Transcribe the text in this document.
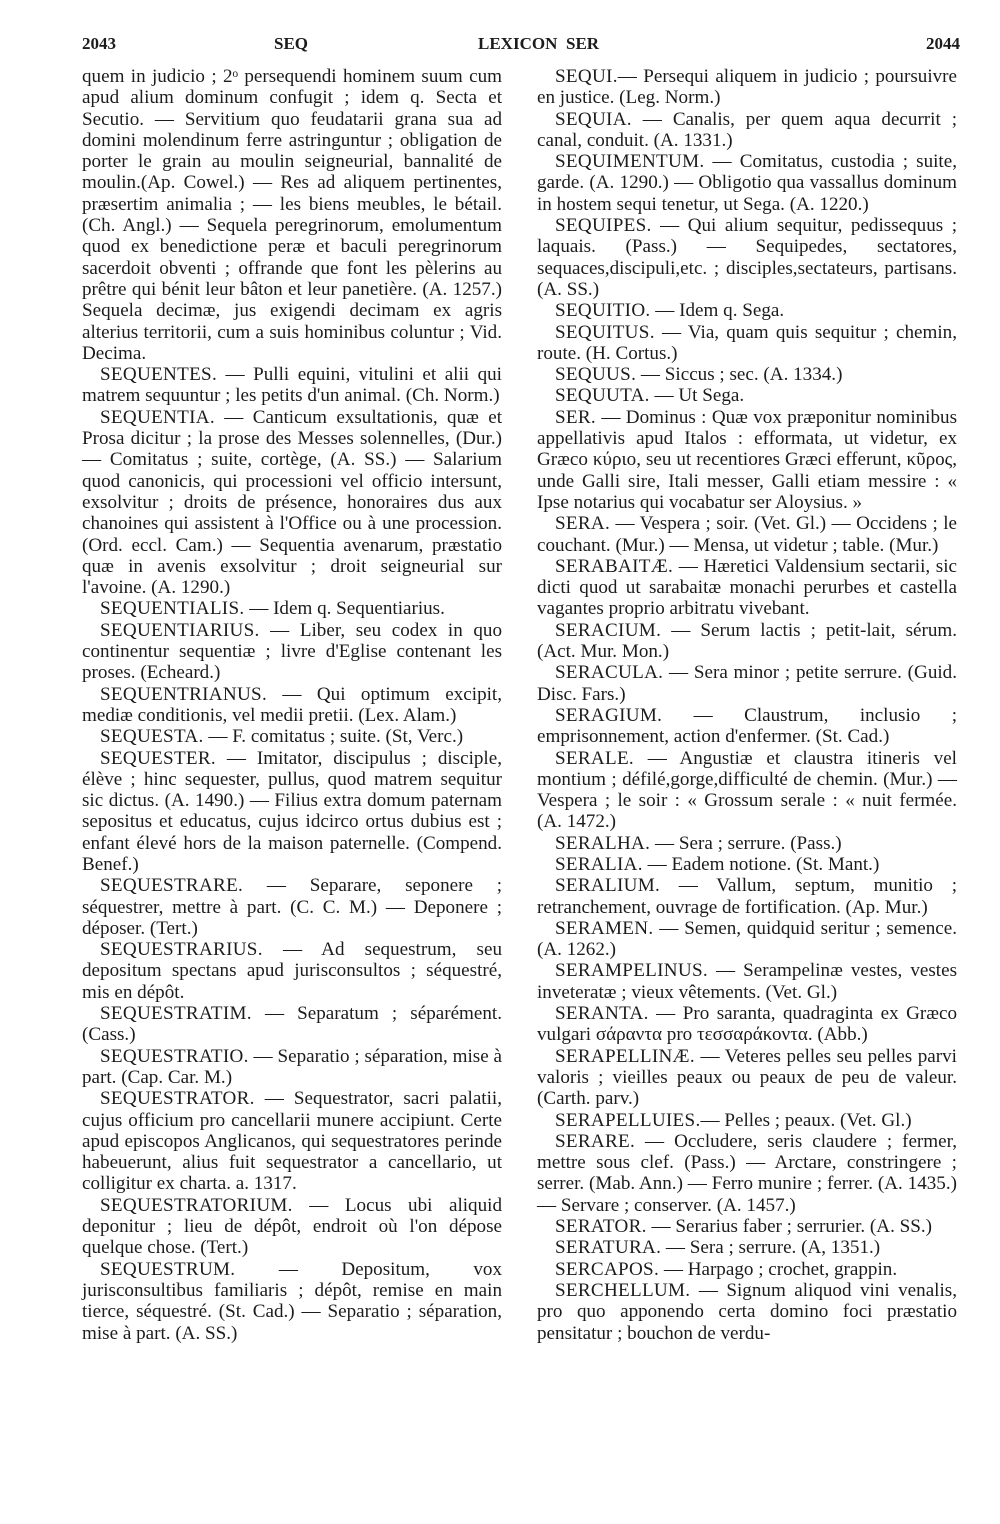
2043	SEQ	LEXICON SER	2044

quem in judicio ; 2ᵒ persequendi hominem suum cum apud alium dominum confugit ; idem q. Secta et Secutio. — Servitium quo feudatarii grana sua ad domini molendinum ferre astringuntur ; obligation de porter le grain au moulin seigneurial, bannalité de moulin.(Ap. Cowel.) — Res ad aliquem pertinentes, præsertim animalia ; — les biens meubles, le bétail. (Ch. Angl.) — Sequela peregrinorum, emolumentum quod ex benedictione peræ et baculi peregrinorum sacerdoit obventi ; offrande que font les pèlerins au prêtre qui bénit leur bâton et leur panetière. (A. 1257.) Sequela decimæ, jus exigendi decimam ex agris alterius territorii, cum a suis hominibus coluntur ; Vid. Decima.

SEQUENTES. — Pulli equini, vitulini et alii qui matrem sequuntur ; les petits d'un animal. (Ch. Norm.)

SEQUENTIA. — Canticum exsultationis, quæ et Prosa dicitur ; la prose des Messes solennelles, (Dur.) — Comitatus ; suite, cortège, (A. SS.) — Salarium quod canonicis, qui processioni vel officio intersunt, exsolvitur ; droits de présence, honoraires dus aux chanoines qui assistent à l'Office ou à une procession. (Ord. eccl. Cam.) — Sequentia avenarum, præstatio quæ in avenis exsolvitur ; droit seigneurial sur l'avoine. (A. 1290.)

SEQUENTIALIS. — Idem q. Sequentiarius.

SEQUENTIARIUS. — Liber, seu codex in quo continentur sequentiæ ; livre d'Eglise contenant les proses. (Echeard.)

SEQUENTRIANUS. — Qui optimum excipit, mediæ conditionis, vel medii pretii. (Lex. Alam.)

SEQUESTA. — F. comitatus ; suite. (St, Verc.)

SEQUESTER. — Imitator, discipulus ; disciple, élève ; hinc sequester, pullus, quod matrem sequitur sic dictus. (A. 1490.) — Filius extra domum paternam sepositus et educatus, cujus idcirco ortus dubius est ; enfant élevé hors de la maison paternelle. (Compend. Benef.)

SEQUESTRARE. — Separare, seponere ; séquestrer, mettre à part. (C. C. M.) — Deponere ; déposer. (Tert.)

SEQUESTRARIUS. — Ad sequestrum, seu depositum spectans apud jurisconsultos ; séquestré, mis en dépôt.

SEQUESTRATIM. — Separatum ; séparément. (Cass.)

SEQUESTRATIO. — Separatio ; séparation, mise à part. (Cap. Car. M.)

SEQUESTRATOR. — Sequestrator, sacri palatii, cujus officium pro cancellarii munere accipiunt. Certe apud episcopos Anglicanos, qui sequestratores perinde habeuerunt, alius fuit sequestrator a cancellario, ut colligitur ex charta. a. 1317.

SEQUESTRATORIUM. — Locus ubi aliquid deponitur ; lieu de dépôt, endroit où l'on dépose quelque chose. (Tert.)

SEQUESTRUM. — Depositum, vox jurisconsultibus familiaris ; dépôt, remise en main tierce, séquestré. (St. Cad.) — Separatio ; séparation, mise à part. (A. SS.)

SEQUI.— Persequi aliquem in judicio ; poursuivre en justice. (Leg. Norm.)

SEQUIA. — Canalis, per quem aqua decurrit ; canal, conduit. (A. 1331.)

SEQUIMENTUM. — Comitatus, custodia ; suite, garde. (A. 1290.) — Obligotio qua vassallus dominum in hostem sequi tenetur, ut Sega. (A. 1220.)

SEQUIPES. — Qui alium sequitur, pedissequus ; laquais. (Pass.) — Sequipedes, sectatores, sequaces,discipuli,etc. ; disciples,sectateurs, partisans. (A. SS.)

SEQUITIO. — Idem q. Sega.

SEQUITUS. — Via, quam quis sequitur ; chemin, route. (H. Cortus.)

SEQUUS. — Siccus ; sec. (A. 1334.)

SEQUUTA. — Ut Sega.

SER. — Dominus : Quæ vox præponitur nominibus appellativis apud Italos : efformata, ut videtur, ex Græco κύριο, seu ut recentiores Græci efferunt, κῦρος, unde Galli sire, Itali messer, Galli etiam messire : « Ipse notarius qui vocabatur ser Aloysius. »

SERA. — Vespera ; soir. (Vet. Gl.) — Occidens ; le couchant. (Mur.) — Mensa, ut videtur ; table. (Mur.)

SERABAITÆ. — Hæretici Valdensium sectarii, sic dicti quod ut sarabaitæ monachi perurbes et castella vagantes proprio arbitratu vivebant.

SERACIUM. — Serum lactis ; petit-lait, sérum. (Act. Mur. Mon.)

SERACULA. — Sera minor ; petite serrure. (Guid. Disc. Fars.)

SERAGIUM. — Claustrum, inclusio ; emprisonnement, action d'enfermer. (St. Cad.)

SERALE. — Angustiæ et claustra itineris vel montium ; défilé,gorge,difficulté de chemin. (Mur.) — Vespera ; le soir : « Grossum serale : « nuit fermée. (A. 1472.)

SERALHA. — Sera ; serrure. (Pass.)

SERALIA. — Eadem notione. (St. Mant.)

SERALIUM. — Vallum, septum, munitio ; retranchement, ouvrage de fortification. (Ap. Mur.)

SERAMEN. — Semen, quidquid seritur ; semence. (A. 1262.)

SERAMPELINUS. — Serampelinæ vestes, vestes inveteratæ ; vieux vêtements. (Vet. Gl.)

SERANTA. — Pro saranta, quadraginta ex Græco vulgari σάραντα pro τεσσαράκοντα. (Abb.)

SERAPELLINÆ. — Veteres pelles seu pelles parvi valoris ; vieilles peaux ou peaux de peu de valeur. (Carth. parv.)

SERAPELLUIES.— Pelles ; peaux. (Vet. Gl.)

SERARE. — Occludere, seris claudere ; fermer, mettre sous clef. (Pass.) — Arctare, constringere ; serrer. (Mab. Ann.) — Ferro munire ; ferrer. (A. 1435.) — Servare ; conserver. (A. 1457.)

SERATOR. — Serarius faber ; serrurier. (A. SS.)

SERATURA. — Sera ; serrure. (A, 1351.)

SERCAPOS. — Harpago ; crochet, grappin.

SERCHELLUM. — Signum aliquod vini venalis, pro quo apponendo certa domino foci præstatio pensitatur ; bouchon de verdu-
